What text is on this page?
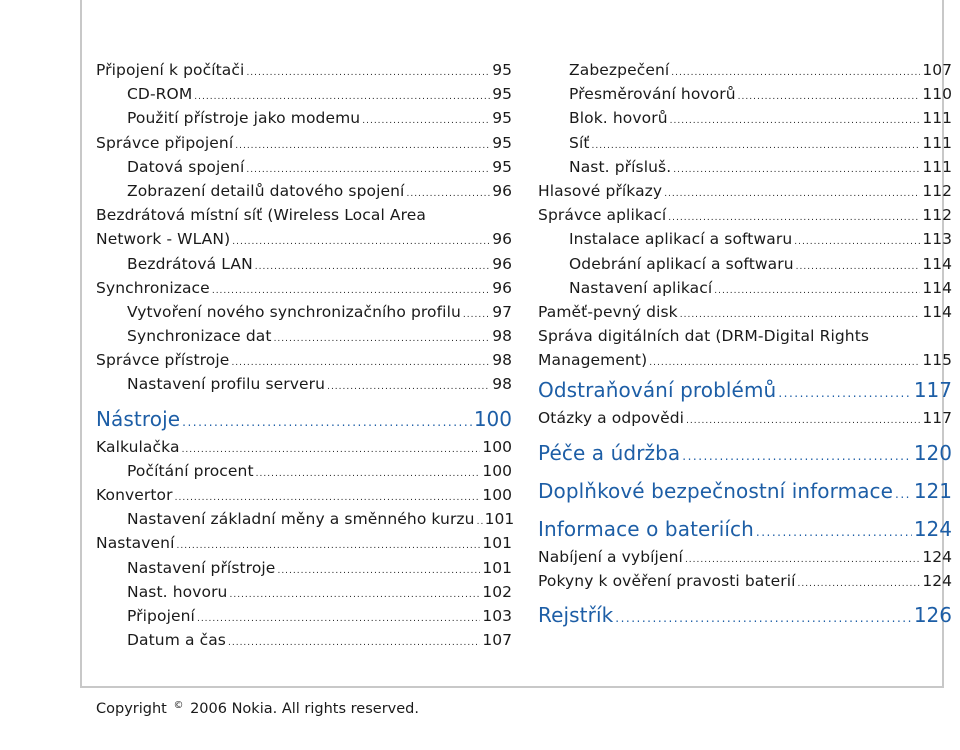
Připojení k počítači .....	95
CD-ROM .....	95
Použití přístroje jako modemu .....	95
Správce připojení .....	95
Datová spojení .....	95
Zobrazení detailů datového spojení .....	96
Bezdrátová místní síť (Wireless Local Area
Network - WLAN) .....	96
Bezdrátová LAN .....	96
Synchronizace .....	96
Vytvoření nového synchronizačního profilu ..... 97
Synchronizace dat .....	98
Správce přístroje .....	98
Nastavení profilu serveru .....	98
Nástroje .....	100
Kalkulačka .....	100
Počítání procent .....	100
Konvertor .....	100
Nastavení základní měny a směnného kurzu ..... 101
Nastavení .....	101
Nastavení přístroje .....	101
Nast. hovoru .....	102
Připojení .....	103
Datum a čas .....	107
Zabezpečení .....	107
Přesměrování hovorů .....	110
Blok. hovorů .....	111
Síť .....	111
Nast. přísluš. .....	111
Hlasové příkazy .....	112
Správce aplikací .....	112
Instalace aplikací a softwaru .....	113
Odebrání aplikací a softwaru .....	114
Nastavení aplikací .....	114
Paměť-pevný disk .....	114
Správa digitálních dat (DRM-Digital Rights
Management) .....	115
Odstraňování problémů .....	117
Otázky a odpovědi .....	117
Péče a údržba .....	120
Doplňkové bezpečnostní informace ..... 121
Informace o bateriích .....	124
Nabíjení a vybíjení .....	124
Pokyny k ověření pravosti baterií .....	124
Rejstřík .....	126
Copyright © 2006 Nokia. All rights reserved.
